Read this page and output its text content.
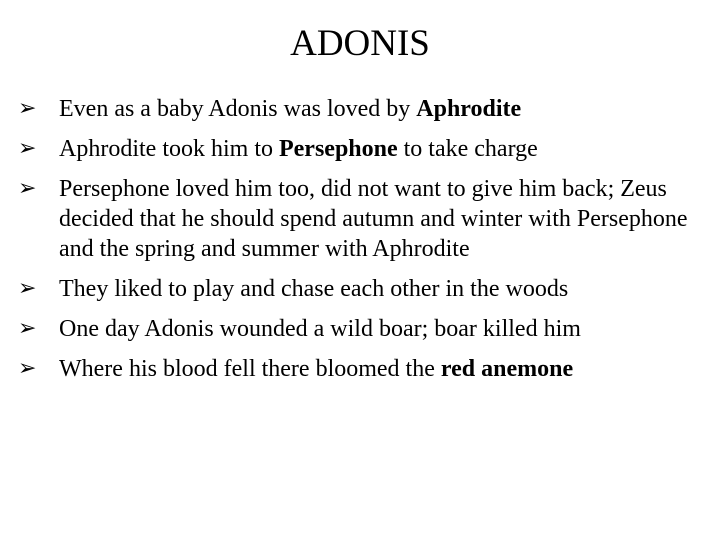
ADONIS
➢ Even as a baby Adonis was loved by Aphrodite
➢ Aphrodite took him to Persephone to take charge
➢ Persephone loved him too, did not want to give him back; Zeus decided that he should spend autumn and winter with Persephone and the spring and summer with Aphrodite
➢ They liked to play and chase each other in the woods
➢ One day Adonis wounded a wild boar; boar killed him
➢ Where his blood fell there bloomed the red anemone
